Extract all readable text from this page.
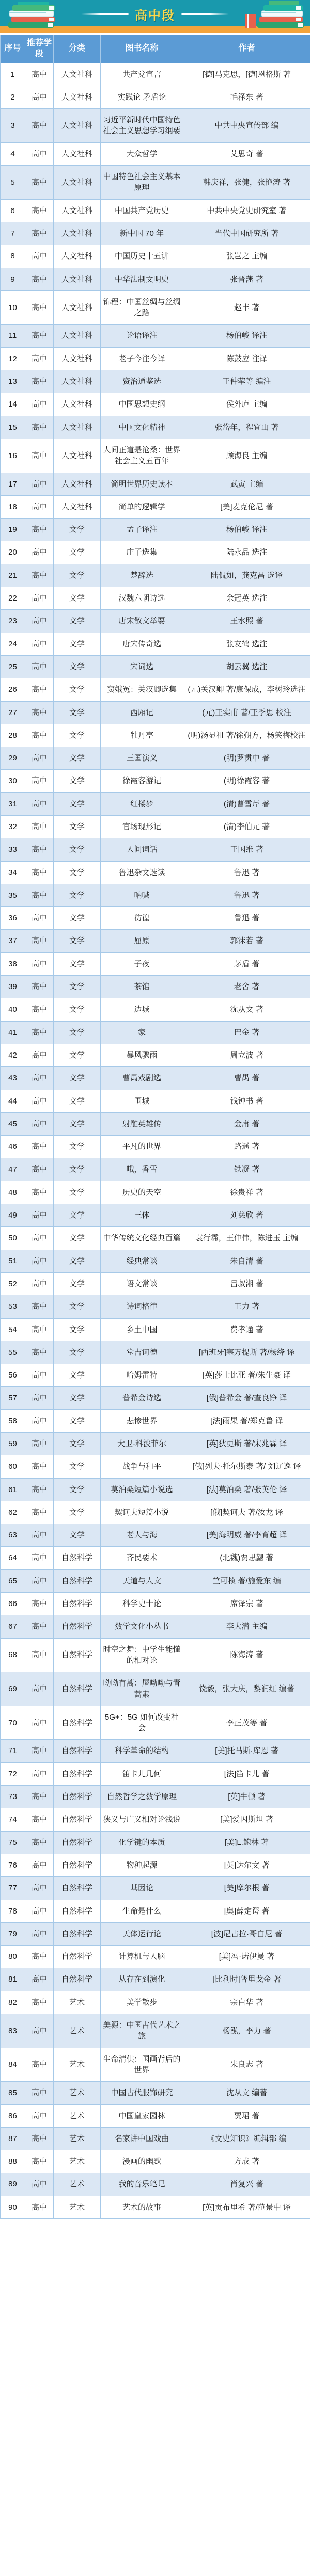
高中段
序号	推荐学段	分类	图书名称	作者
1	高中	人文社科	共产党宣言	[德]马克思，[德]恩格斯 著
2	高中	人文社科	实践论 矛盾论	毛泽东 著
3	高中	人文社科	习近平新时代中国特色社会主义思想学习纲要	中共中央宣传部 编
4	高中	人文社科	大众哲学	艾思奇 著
5	高中	人文社科	中国特色社会主义基本原理	韩庆祥，张健，张艳涛 著
6	高中	人文社科	中国共产党历史	中共中央党史研究室 著
7	高中	人文社科	新中国 70 年	当代中国研究所 著
8	高中	人文社科	中国历史十五讲	张岂之 主编
9	高中	人文社科	中华法制文明史	张晋藩 著
10	高中	人文社科	锦程：中国丝绸与丝绸之路	赵丰 著
11	高中	人文社科	论语译注	杨伯峻 译注
12	高中	人文社科	老子今注今译	陈鼓应 注译
13	高中	人文社科	资治通鉴选	王仲荦等 编注
14	高中	人文社科	中国思想史纲	侯外庐 主编
15	高中	人文社科	中国文化精神	张岱年，程宜山 著
16	高中	人文社科	人间正道是沧桑：世界社会主义五百年	顾海良 主编
17	高中	人文社科	简明世界历史读本	武寅 主编
18	高中	人文社科	简单的逻辑学	[美]麦克伦尼 著
19	高中	文学	孟子译注	杨伯峻 译注
20	高中	文学	庄子选集	陆永品 选注
21	高中	文学	楚辞选	陆侃如，龚克昌 选译
22	高中	文学	汉魏六朝诗选	余冠英 选注
23	高中	文学	唐宋散文举要	王水照 著
24	高中	文学	唐宋传奇选	张友鹤 选注
25	高中	文学	宋词选	胡云翼 选注
26	高中	文学	窦娥冤：关汉卿选集	(元)关汉卿 著/康保成，李树玲选注
27	高中	文学	西厢记	(元)王实甫 著/王季思 校注
28	高中	文学	牡丹亭	(明)汤显祖 著/徐朔方，杨笑梅校注
29	高中	文学	三国演义	(明)罗贯中 著
30	高中	文学	徐霞客游记	(明)徐霞客 著
31	高中	文学	红楼梦	(清)曹雪芹 著
32	高中	文学	官场现形记	(清)李伯元 著
33	高中	文学	人间词话	王国维 著
34	高中	文学	鲁迅杂文选读	鲁迅 著
35	高中	文学	呐喊	鲁迅 著
36	高中	文学	彷徨	鲁迅 著
37	高中	文学	屈原	郭沫若 著
38	高中	文学	子夜	茅盾 著
39	高中	文学	茶馆	老舍 著
40	高中	文学	边城	沈从文 著
41	高中	文学	家	巴金 著
42	高中	文学	暴风骤雨	周立波 著
43	高中	文学	曹禺戏剧选	曹禺 著
44	高中	文学	围城	钱钟书 著
45	高中	文学	射雕英雄传	金庸 著
46	高中	文学	平凡的世界	路遥 著
47	高中	文学	哦，香雪	铁凝 著
48	高中	文学	历史的天空	徐贵祥 著
49	高中	文学	三体	刘慈欣 著
50	高中	文学	中华传统文化经典百篇	袁行霈，王仲伟，陈进玉 主编
51	高中	文学	经典常谈	朱自清 著
52	高中	文学	语文常谈	吕叔湘 著
53	高中	文学	诗词格律	王力 著
54	高中	文学	乡土中国	费孝通 著
55	高中	文学	堂吉诃德	[西班牙]塞万提斯 著/杨绛 译
56	高中	文学	哈姆雷特	[英]莎士比亚 著/朱生豪 译
57	高中	文学	普希金诗选	[俄]普希金 著/查良铮 译
58	高中	文学	悲惨世界	[法]雨果 著/郑克鲁 译
59	高中	文学	大卫·科波菲尔	[英]狄更斯 著/宋兆霖 译
60	高中	文学	战争与和平	[俄]列夫·托尔斯泰 著/ 刘辽逸 译
61	高中	文学	莫泊桑短篇小说选	[法]莫泊桑 著/张英伦 译
62	高中	文学	契诃夫短篇小说	[俄]契诃夫 著/汝龙 译
63	高中	文学	老人与海	[美]海明威 著/李育超 译
64	高中	自然科学	齐民要术	(北魏)贾思勰 著
65	高中	自然科学	天道与人文	竺可桢 著/施爱东 编
66	高中	自然科学	科学史十论	席泽宗 著
67	高中	自然科学	数学文化小丛书	李大潜 主编
68	高中	自然科学	时空之舞：中学生能懂的相对论	陈海涛 著
69	高中	自然科学	呦呦有蒿：屠呦呦与青蒿素	饶毅，张大庆，黎润红 编著
70	高中	自然科学	5G+：5G 如何改变社会	李正茂等 著
71	高中	自然科学	科学革命的结构	[美]托马斯·库恩 著
72	高中	自然科学	笛卡儿几何	[法]笛卡儿 著
73	高中	自然科学	自然哲学之数学原理	[英]牛顿 著
74	高中	自然科学	狭义与广义相对论浅说	[美]爱因斯坦 著
75	高中	自然科学	化学键的本质	[美]L.鲍林 著
76	高中	自然科学	物种起源	[英]达尔文 著
77	高中	自然科学	基因论	[美]摩尔根 著
78	高中	自然科学	生命是什么	[奥]薛定谔 著
79	高中	自然科学	天体运行论	[波]尼古拉·哥白尼 著
80	高中	自然科学	计算机与人脑	[美]冯·诺伊曼 著
81	高中	自然科学	从存在到演化	[比利时]普里戈金 著
82	高中	艺术	美学散步	宗白华 著
83	高中	艺术	美源：中国古代艺术之旅	杨泓，李力 著
84	高中	艺术	生命清供：国画背后的世界	朱良志 著
85	高中	艺术	中国古代服饰研究	沈从文 编著
86	高中	艺术	中国皇家园林	贾珺 著
87	高中	艺术	名家讲中国戏曲	《文史知识》编辑部 编
88	高中	艺术	漫画的幽默	方成 著
89	高中	艺术	我的音乐笔记	肖复兴 著
90	高中	艺术	艺术的故事	[英]贡布里希 著/范景中 译
